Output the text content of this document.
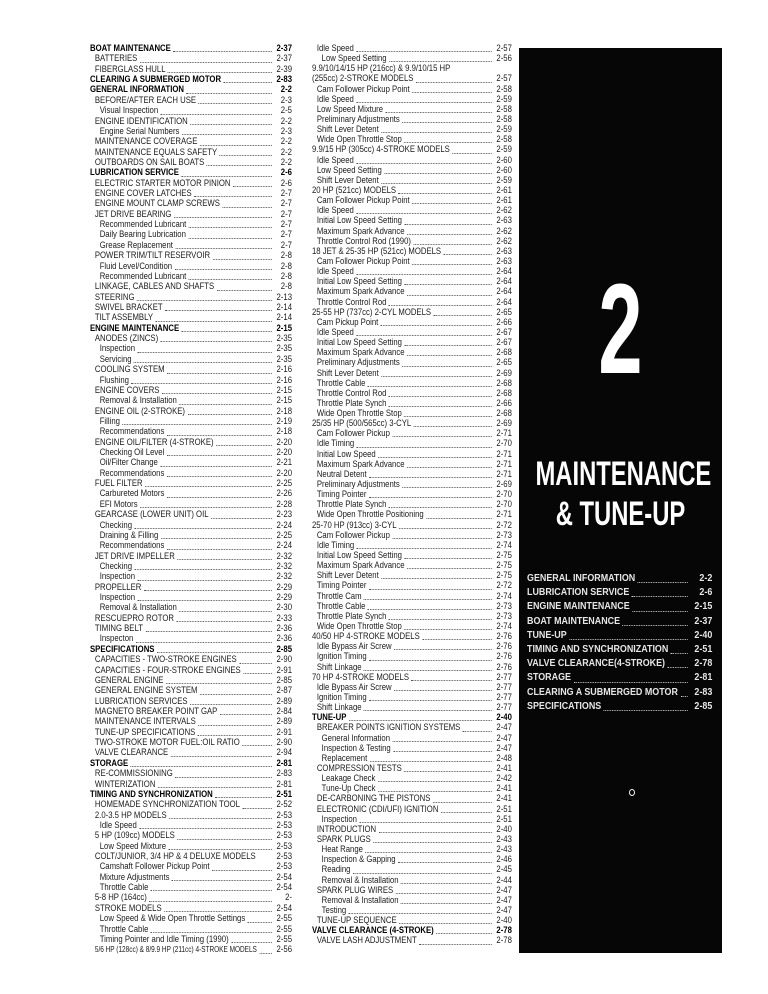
BOAT MAINTENANCE	2-37
BATTERIES	2-37
FIBERGLASS HULL	2-39
CLEARING A SUBMERGED MOTOR	2-83
GENERAL INFORMATION	2-2
BEFORE/AFTER EACH USE	2-3
Visual Inspection	2-5
ENGINE IDENTIFICATION	2-2
Engine Serial Numbers	2-3
MAINTENANCE COVERAGE	2-2
MAINTENANCE EQUALS SAFETY	2-2
OUTBOARDS ON SAIL BOATS	2-2
LUBRICATION SERVICE	2-6
ELECTRIC STARTER MOTOR PINION	2-6
ENGINE COVER LATCHES	2-7
ENGINE MOUNT CLAMP SCREWS	2-7
JET DRIVE BEARING	2-7
Recommended Lubricant	2-7
Daily Bearing Lubrication	2-7
Grease Replacement	2-7
POWER TRIM/TILT RESERVOIR	2-8
Fluid Level/Condition	2-8
Recommended Lubricant	2-8
LINKAGE, CABLES AND SHAFTS	2-8
STEERING	2-13
SWIVEL BRACKET	2-14
TILT ASSEMBLY	2-14
ENGINE MAINTENANCE	2-15
ANODES (ZINCS)	2-35
Inspection	2-35
Servicing	2-35
COOLING SYSTEM	2-16
Flushing	2-16
ENGINE COVERS	2-15
Removal & Installation	2-15
ENGINE OIL (2-STROKE)	2-18
Filling	2-19
Recommendations	2-18
ENGINE OIL/FILTER (4-STROKE)	2-20
Checking Oil Level	2-20
Oil/Filter Change	2-21
Recommendations	2-20
FUEL FILTER	2-25
Carbureted Motors	2-26
EFI Motors	2-28
GEARCASE (LOWER UNIT) OIL	2-23
Checking	2-24
Draining & Filling	2-25
Recommendations	2-24
JET DRIVE IMPELLER	2-32
Checking	2-32
Inspection	2-32
PROPELLER	2-29
Inspection	2-29
Removal & Installation	2-30
RESCUEPRO ROTOR	2-33
TIMING BELT	2-36
Inspecton	2-36
SPECIFICATIONS	2-85
CAPACITIES - TWO-STROKE ENGINES	2-90
CAPACITIES - FOUR-STROKE ENGINES	2-91
GENERAL ENGINE	2-85
GENERAL ENGINE SYSTEM	2-87
LUBRICATION SERVICES	2-89
MAGNETO BREAKER POINT GAP	2-84
MAINTENANCE INTERVALS	2-89
TUNE-UP SPECIFICATIONS	2-91
TWO-STROKE MOTOR FUEL:OIL RATIO	2-90
VALVE CLEARANCE	2-94
STORAGE	2-81
RE-COMMISSIONING	2-83
WINTERIZATION	2-81
TIMING AND SYNCHRONIZATION	2-51
HOMEMADE SYNCHRONIZATION TOOL	2-52
2.0-3.5 HP MODELS	2-53
Idle Speed	2-53
5 HP (109cc) MODELS	2-53
Low Speed Mixture	2-53
COLT/JUNIOR, 3/4 HP & 4 DELUXE MODELS 2-53
Camshaft Follower Pickup Point	2-53
Mixture Adjustments	2-54
Throttle Cable	2-54
5-8 HP (164cc)	2-
STROKE MODELS	2-54
Low Speed & Wide Open Throttle Settings	2-55
Throttle Cable	2-55
Timing Pointer and Idle Timing (1990)	2-55
5/6 HP (128cc) & 8/9.9 HP (211cc) 4-STROKE MODELS 2-56
Idle Speed	2-57
Low Speed Setting	2-56
9.9/10/14/15 HP (216cc) & 9.9/10/15 HP
(255cc) 2-STROKE MODELS	2-57
Cam Follower Pickup Point	2-58
Idle Speed	2-59
Low Speed Mixture	2-58
Preliminary Adjustments	2-58
Shift Lever Detent	2-59
Wide Open Throttle Stop	2-58
9.9/15 HP (305cc) 4-STROKE MODELS	2-59
Idle Speed	2-60
Low Speed Setting	2-60
Shift Lever Detent	2-59
20 HP (521cc) MODELS	2-61
Cam Follower Pickup Point	2-61
Idle Speed	2-62
Initial Low Speed Setting	2-63
Maximum Spark Advance	2-62
Throttle Control Rod (1990)	2-62
18 JET & 25-35 HP (521cc) MODELS	2-63
Cam Follower Pickup Point	2-63
Idle Speed	2-64
Initial Low Speed Setting	2-64
Maximum Spark Advance	2-64
Throttle Control Rod	2-64
25-55 HP (737cc) 2-CYL MODELS	2-65
Cam Pickup Point	2-66
Idle Speed	2-67
Initial Low Speed Setting	2-67
Maximum Spark Advance	2-68
Preliminary Adjustments	2-65
Shift Lever Detent	2-69
Throttle Cable	2-68
Throttle Control Rod	2-68
Throttle Plate Synch	2-66
Wide Open Throttle Stop	2-68
25/35 HP (500/565cc) 3-CYL	2-69
Cam Follower Pickup	2-71
Idle Timing	2-70
Initial Low Speed	2-71
Maximum Spark Advance	2-71
Neutral Detent	2-71
Preliminary Adjustments	2-69
Timing Pointer	2-70
Throttle Plate Synch	2-70
Wide Open Throttle Positioning	2-71
25-70 HP (913cc) 3-CYL	2-72
Cam Follower Pickup	2-73
Idle Timing	2-74
Initial Low Speed Setting	2-75
Maximum Spark Advance	2-75
Shift Lever Detent	2-75
Timing Pointer	2-72
Throttle Cam	2-74
Throttle Cable	2-73
Throttle Plate Synch	2-73
Wide Open Throttle Stop	2-74
40/50 HP 4-STROKE MODELS	2-76
Idle Bypass Air Screw	2-76
Ignition Timing	2-76
Shift Linkage	2-76
70 HP 4-STROKE MODELS	2-77
Idle Bypass Air Screw	2-77
Ignition Timing	2-77
Shift Linkage	2-77
TUNE-UP	2-40
BREAKER POINTS IGNITION SYSTEMS	2-47
General Information	2-47
Inspection & Testing	2-47
Replacement	2-48
COMPRESSION TESTS	2-41
Leakage Check	2-42
Tune-Up Check	2-41
DE-CARBONING THE PISTONS	2-41
ELECTRONIC (CDI/UFI) IGNITION	2-51
Inspection	2-51
INTRODUCTION	2-40
SPARK PLUGS	2-43
Heat Range	2-43
Inspection & Gapping	2-46
Reading	2-45
Removal & Installation	2-44
SPARK PLUG WIRES	2-47
Removal & Installation	2-47
Testing	2-47
TUNE-UP SEQUENCE	2-40
VALVE CLEARANCE (4-STROKE)	2-78
VALVE LASH ADJUSTMENT	2-78
2
MAINTENANCE
& TUNE-UP
GENERAL INFORMATION	2-2
LUBRICATION SERVICE	2-6
ENGINE MAINTENANCE	2-15
BOAT MAINTENANCE	2-37
TUNE-UP	2-40
TIMING AND SYNCHRONIZATION	2-51
VALVE CLEARANCE(4-STROKE)	2-78
STORAGE	2-81
CLEARING A SUBMERGED MOTOR	2-83
SPECIFICATIONS	2-85
